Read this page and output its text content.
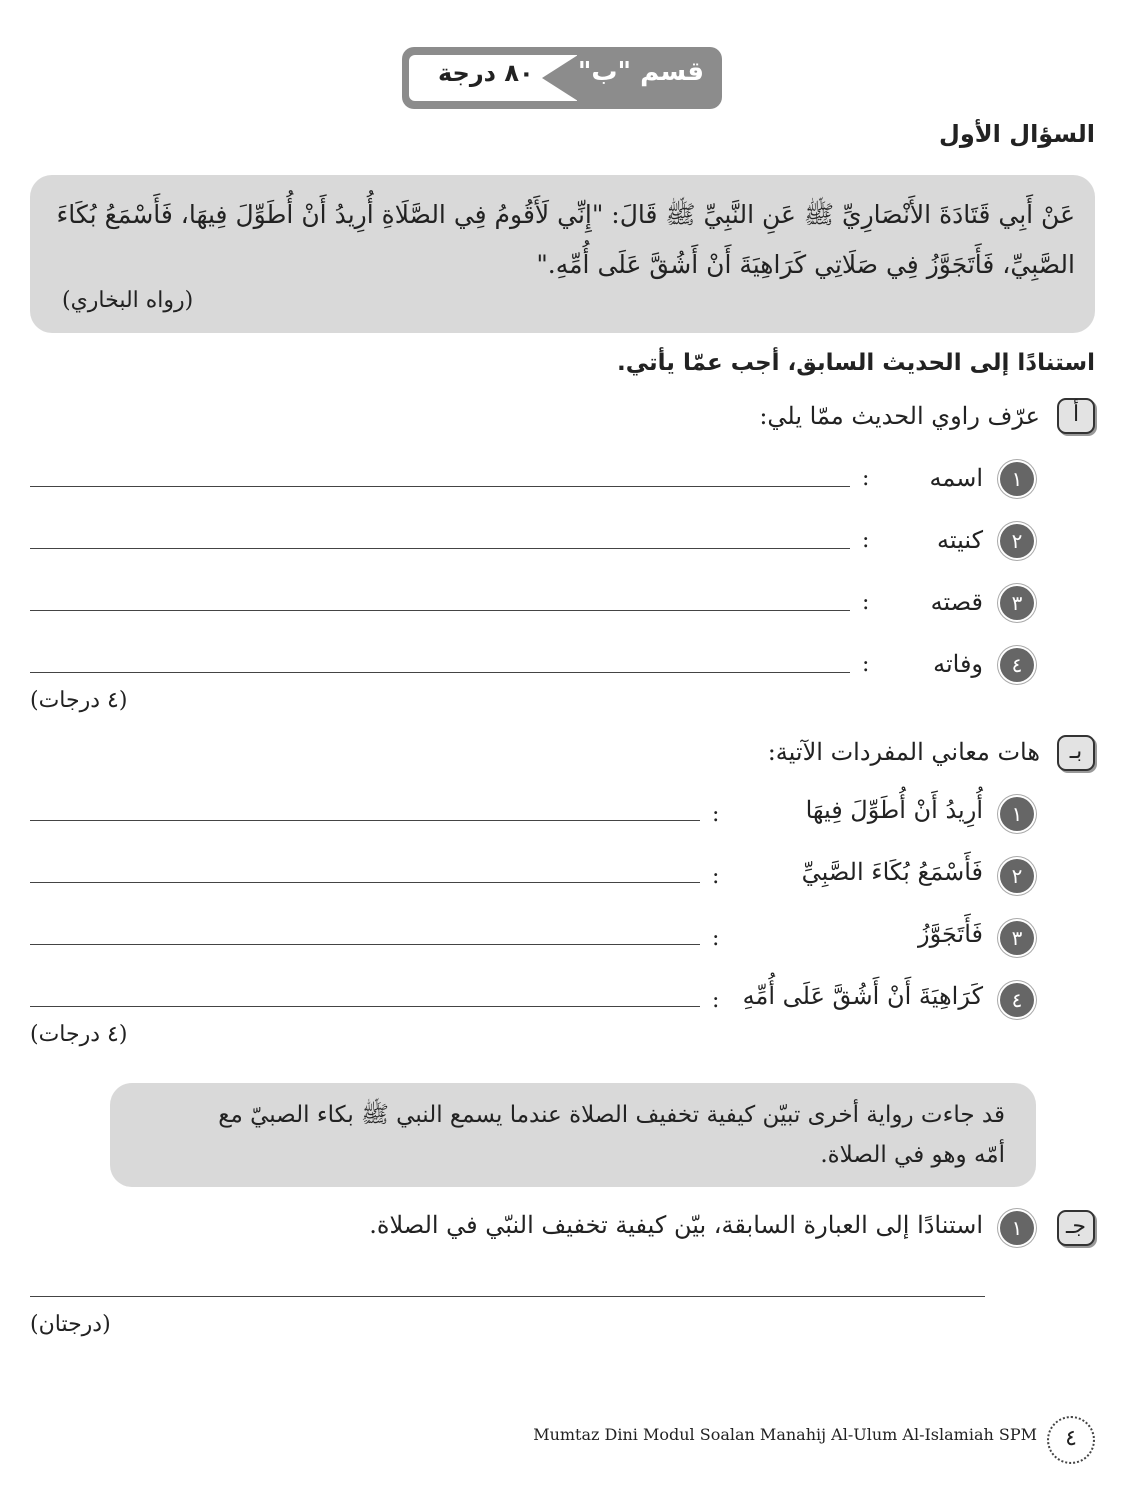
قسم "ب"
٨٠ درجة
السؤال الأول
عَنْ أَبِي قَتَادَةَ الأَنْصَارِيِّ ﷺ عَنِ النَّبِيِّ ﷺ قَالَ: "إِنِّي لَأَقُومُ فِي الصَّلَاةِ أُرِيدُ أَنْ أُطَوِّلَ فِيهَا، فَأَسْمَعُ بُكَاءَ
الصَّبِيِّ، فَأَتَجَوَّزُ فِي صَلَاتِي كَرَاهِيَةَ أَنْ أَشُقَّ عَلَى أُمِّهِ."
(رواه البخاري)
استنادًا إلى الحديث السابق، أجب عمّا يأتي.
أ
عرّف راوي الحديث ممّا يلي:
١
اسمه
:
٢
كنيته
:
٣
قصته
:
٤
وفاته
:
(٤ درجات)
بـ
هات معاني المفردات الآتية:
١
أُرِيدُ أَنْ أُطَوِّلَ فِيهَا
:
٢
فَأَسْمَعُ بُكَاءَ الصَّبِيِّ
:
٣
فَأَتَجَوَّزُ
:
٤
كَرَاهِيَةَ أَنْ أَشُقَّ عَلَى أُمِّهِ
:
(٤ درجات)
قد جاءت رواية أخرى تبيّن كيفية تخفيف الصلاة عندما يسمع النبي ﷺ بكاء الصبيّ مع
أمّه وهو في الصلاة.
جـ
١
استنادًا إلى العبارة السابقة، بيّن كيفية تخفيف النبّي في الصلاة.
(درجتان)
Mumtaz Dini Modul Soalan Manahij Al-Ulum Al-Islamiah SPM	٤
